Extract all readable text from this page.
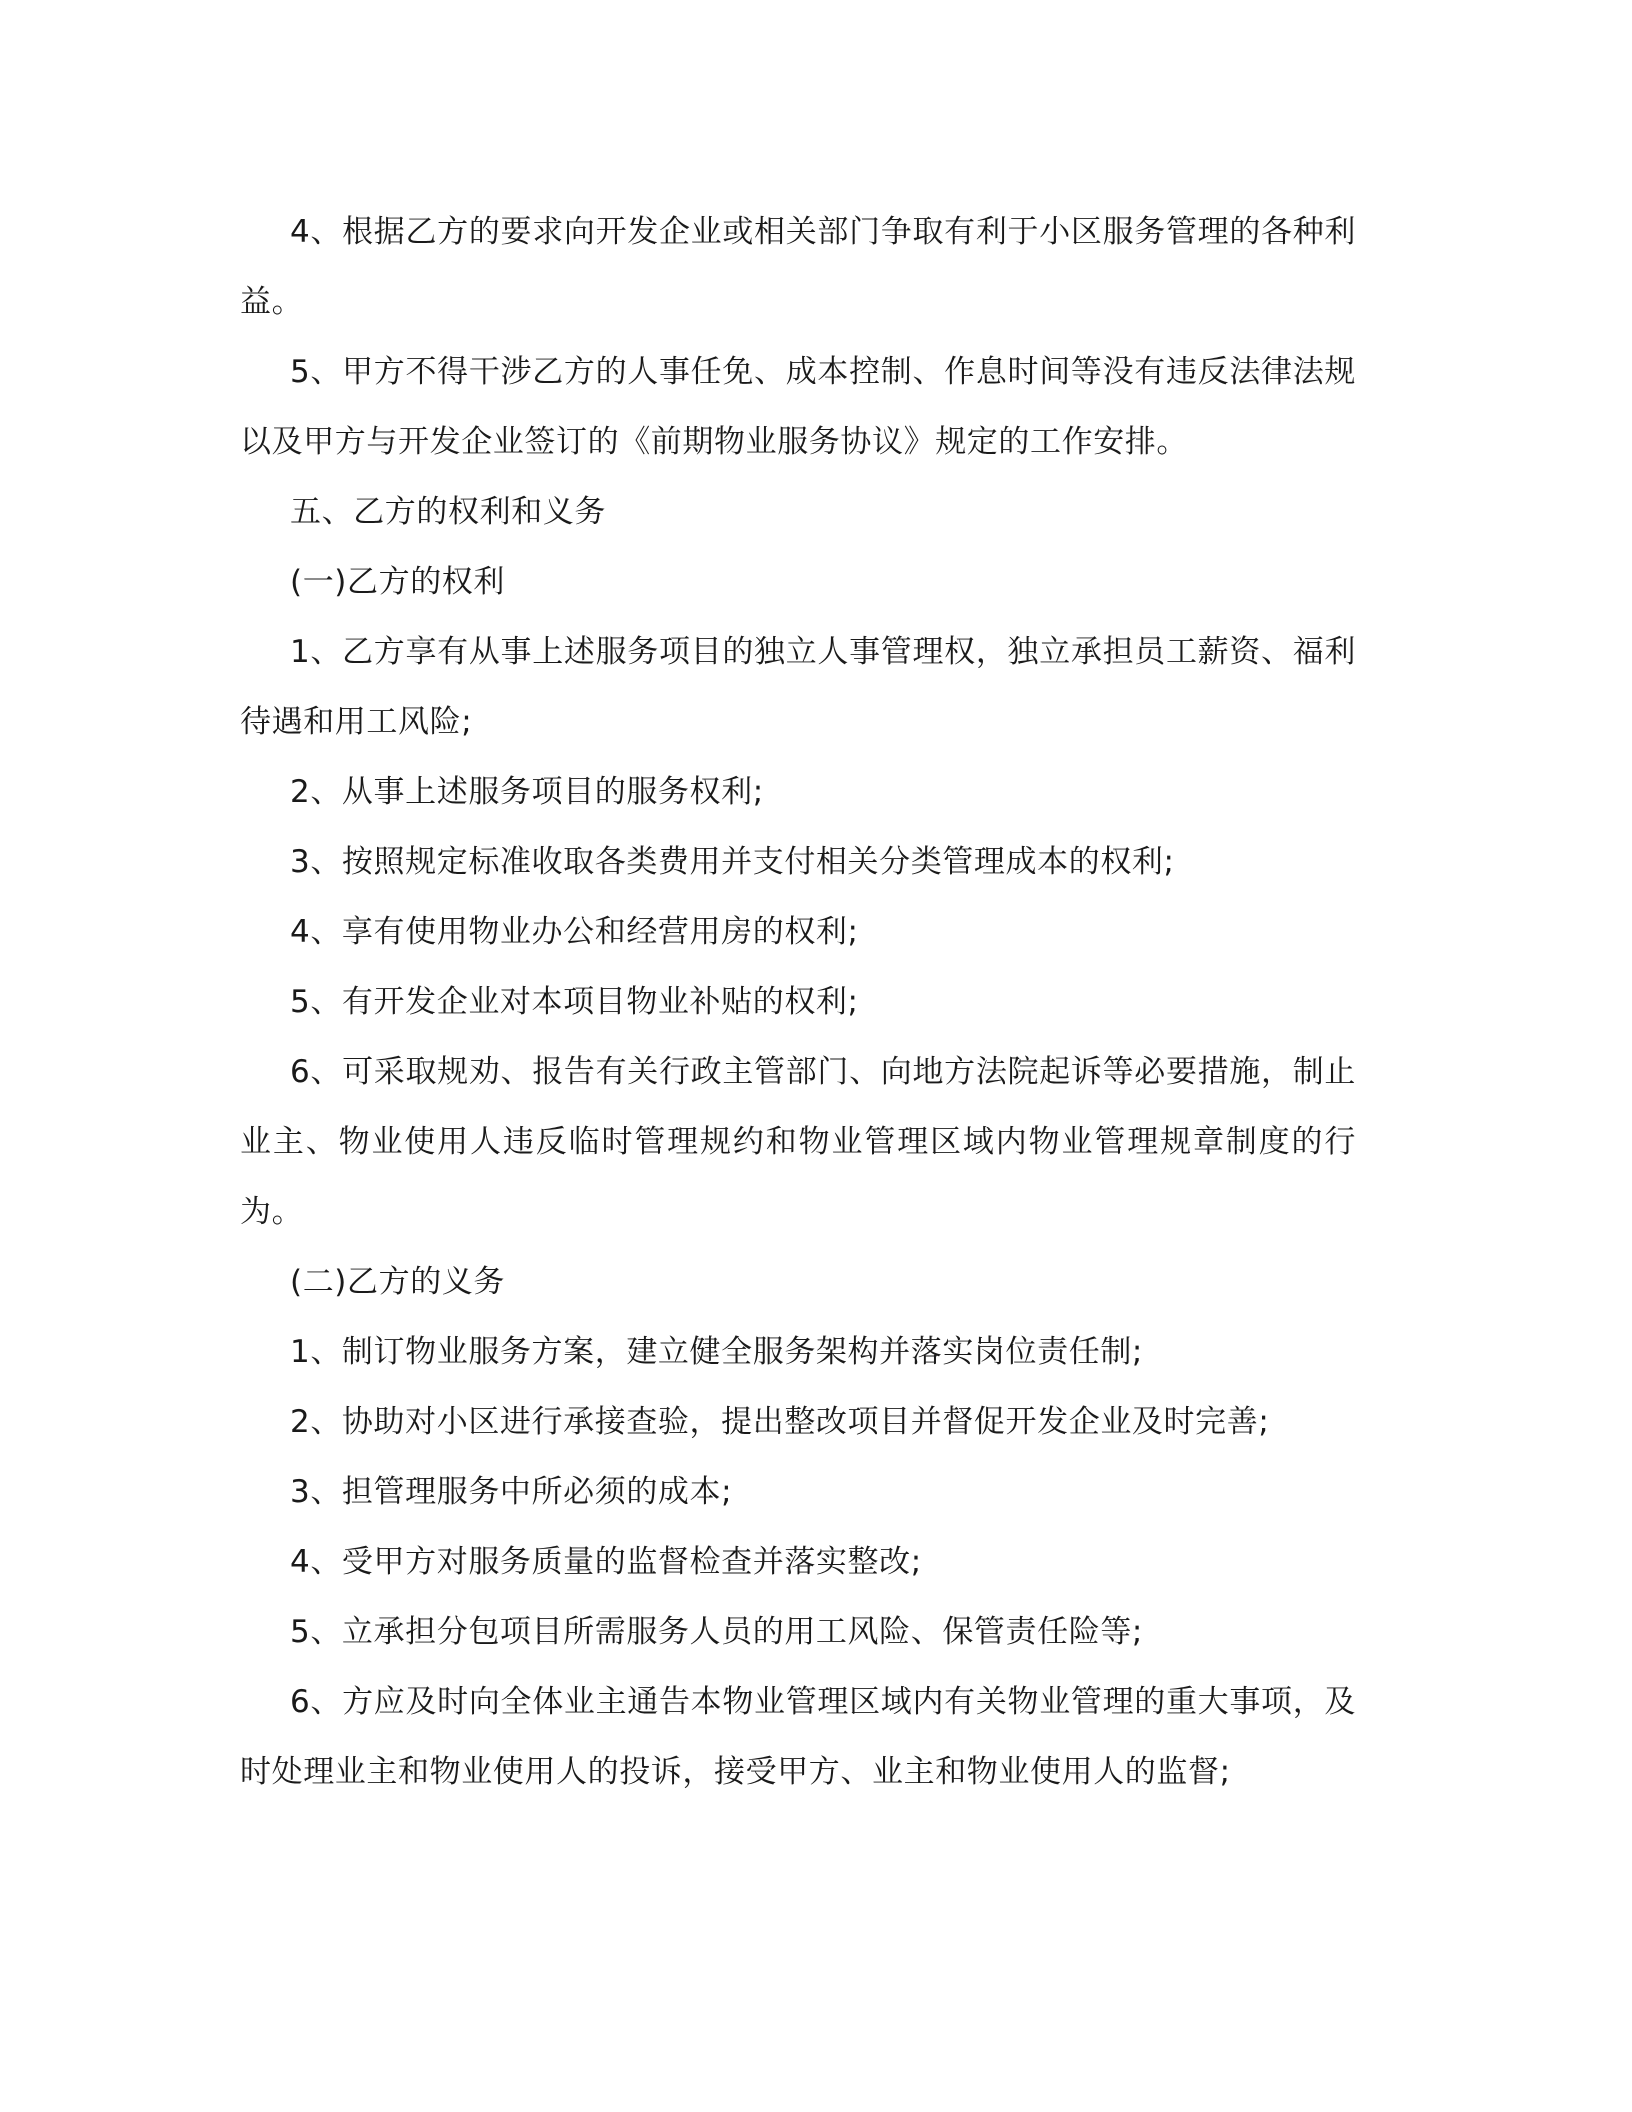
4、根据乙方的要求向开发企业或相关部门争取有利于小区服务管理的各种利益。

5、甲方不得干涉乙方的人事任免、成本控制、作息时间等没有违反法律法规以及甲方与开发企业签订的《前期物业服务协议》规定的工作安排。

五、乙方的权利和义务

(一)乙方的权利

1、乙方享有从事上述服务项目的独立人事管理权，独立承担员工薪资、福利待遇和用工风险;

2、从事上述服务项目的服务权利;

3、按照规定标准收取各类费用并支付相关分类管理成本的权利;

4、享有使用物业办公和经营用房的权利;

5、有开发企业对本项目物业补贴的权利;

6、可采取规劝、报告有关行政主管部门、向地方法院起诉等必要措施，制止业主、物业使用人违反临时管理规约和物业管理区域内物业管理规章制度的行为。

(二)乙方的义务

1、制订物业服务方案，建立健全服务架构并落实岗位责任制;

2、协助对小区进行承接查验，提出整改项目并督促开发企业及时完善;

3、担管理服务中所必须的成本;

4、受甲方对服务质量的监督检查并落实整改;

5、立承担分包项目所需服务人员的用工风险、保管责任险等;

6、方应及时向全体业主通告本物业管理区域内有关物业管理的重大事项，及时处理业主和物业使用人的投诉，接受甲方、业主和物业使用人的监督;
